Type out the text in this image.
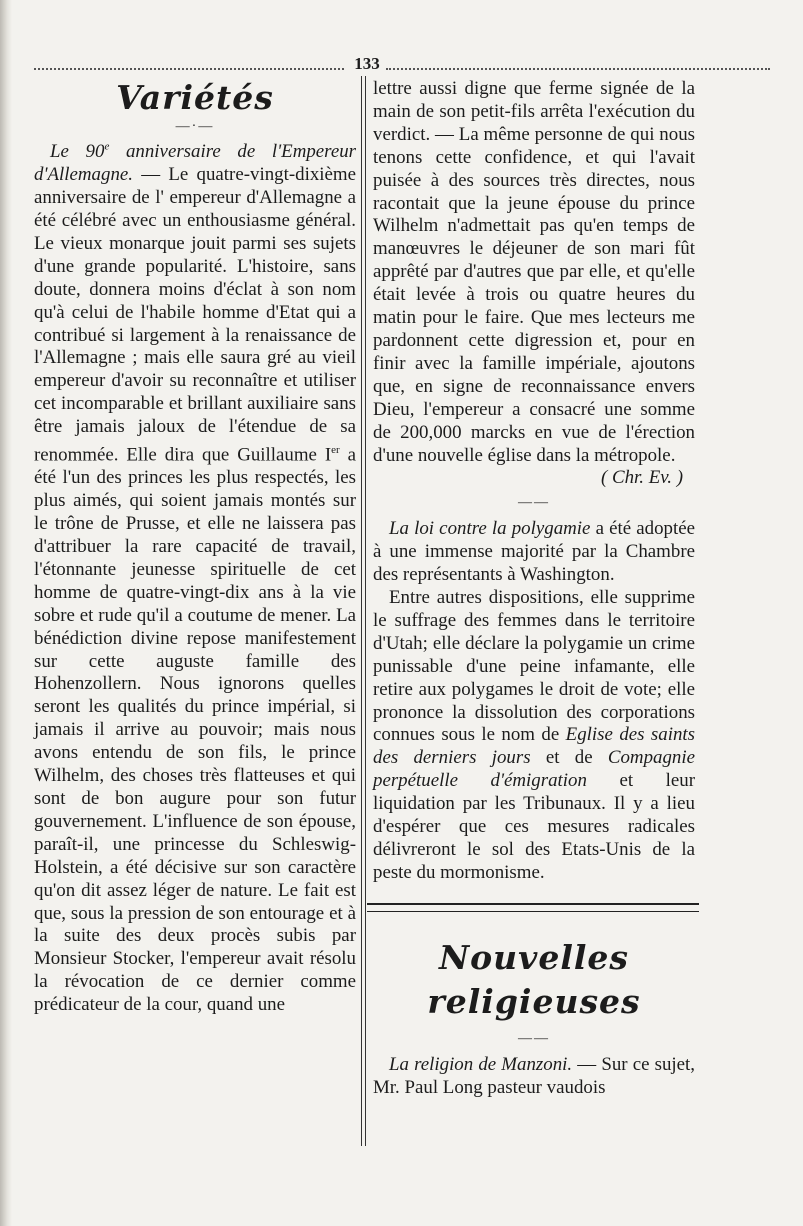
133
Variétés
—·—

Le 90e anniversaire de l'Empereur d'Allemagne. — Le quatre-vingt-dixième anniversaire de l' empereur d'Allemagne a été célébré avec un enthousiasme général. Le vieux monarque jouit parmi ses sujets d'une grande popularité. L'histoire, sans doute, donnera moins d'éclat à son nom qu'à celui de l'habile homme d'Etat qui a contribué si largement à la renaissance de l'Allemagne ; mais elle saura gré au vieil empereur d'avoir su reconnaître et utiliser cet incomparable et brillant auxiliaire sans être jamais jaloux de l'étendue de sa renommée. Elle dira que Guillaume Ier a été l'un des princes les plus respectés, les plus aimés, qui soient jamais montés sur le trône de Prusse, et elle ne laissera pas d'attribuer la rare capacité de travail, l'étonnante jeunesse spirituelle de cet homme de quatre-vingt-dix ans à la vie sobre et rude qu'il a coutume de mener. La bénédiction divine repose manifestement sur cette auguste famille des Hohenzollern. Nous ignorons quelles seront les qualités du prince impérial, si jamais il arrive au pouvoir; mais nous avons entendu de son fils, le prince Wilhelm, des choses très flatteuses et qui sont de bon augure pour son futur gouvernement. L'influence de son épouse, paraît-il, une princesse du Schleswig-Holstein, a été décisive sur son caractère qu'on dit assez léger de nature. Le fait est que, sous la pression de son entourage et à la suite des deux procès subis par Monsieur Stocker, l'empereur avait résolu la révocation de ce dernier comme prédicateur de la cour, quand une

lettre aussi digne que ferme signée de la main de son petit-fils arrêta l'exécution du verdict. — La même personne de qui nous tenons cette confidence, et qui l'avait puisée à des sources très directes, nous racontait que la jeune épouse du prince Wilhelm n'admettait pas qu'en temps de manœuvres le déjeuner de son mari fût apprêté par d'autres que par elle, et qu'elle était levée à trois ou quatre heures du matin pour le faire. Que mes lecteurs me pardonnent cette digression et, pour en finir avec la famille impériale, ajoutons que, en signe de reconnaissance envers Dieu, l'empereur a consacré une somme de 200,000 marcks en vue de l'érection d'une nouvelle église dans la métropole.

( Chr. Ev. )
——

La loi contre la polygamie a été adoptée à une immense majorité par la Chambre des représentants à Washington.

Entre autres dispositions, elle supprime le suffrage des femmes dans le territoire d'Utah; elle déclare la polygamie un crime punissable d'une peine infamante, elle retire aux polygames le droit de vote; elle prononce la dissolution des corporations connues sous le nom de Eglise des saints des derniers jours et de Compagnie perpétuelle d'émigration et leur liquidation par les Tribunaux. Il y a lieu d'espérer que ces mesures radicales délivreront le sol des Etats-Unis de la peste du mormonisme.

Nouvelles religieuses
——

La religion de Manzoni. — Sur ce sujet, Mr. Paul Long pasteur vaudois
